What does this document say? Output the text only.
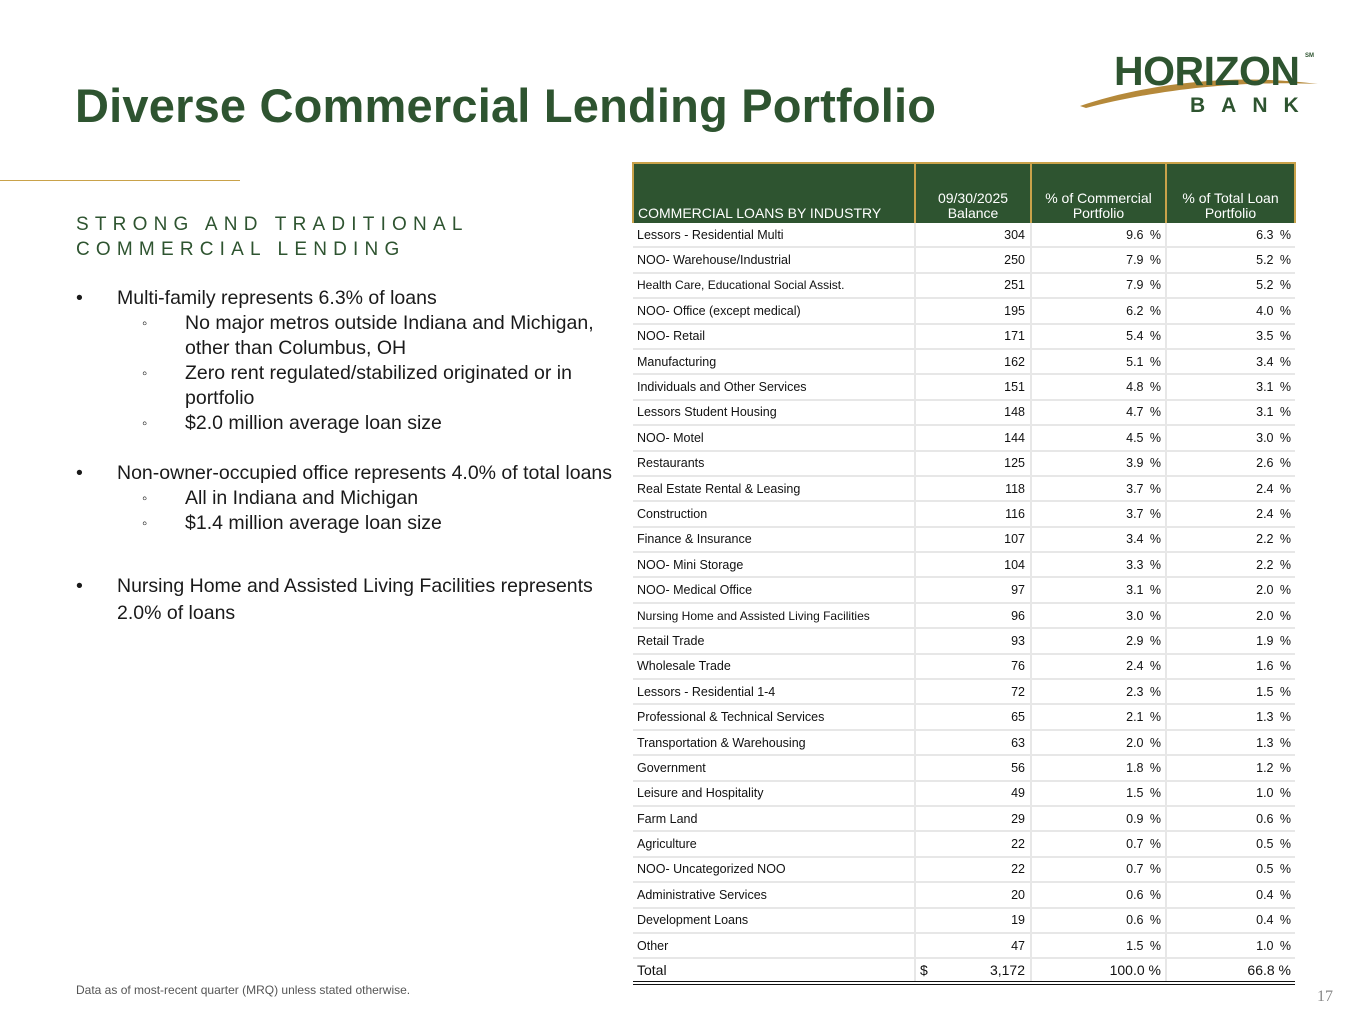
Diverse Commercial Lending Portfolio
HORIZON SM
BANK
STRONG AND TRADITIONAL COMMERCIAL LENDING
• Multi-family represents 6.3% of loans
◦ No major metros outside Indiana and Michigan, other than Columbus, OH
◦ Zero rent regulated/stabilized originated or in portfolio
◦ $2.0 million average loan size
• Non-owner-occupied office represents 4.0% of total loans
◦ All in Indiana and Michigan
◦ $1.4 million average loan size
• Nursing Home and Assisted Living Facilities represents 2.0% of loans
COMMERCIAL LOANS BY INDUSTRY	09/30/2025 Balance	% of Commercial Portfolio	% of Total Loan Portfolio
Lessors - Residential Multi	304	9.6 %	6.3 %
NOO- Warehouse/Industrial	250	7.9 %	5.2 %
Health Care, Educational Social Assist.	251	7.9 %	5.2 %
NOO- Office (except medical)	195	6.2 %	4.0 %
NOO- Retail	171	5.4 %	3.5 %
Manufacturing	162	5.1 %	3.4 %
Individuals and Other Services	151	4.8 %	3.1 %
Lessors Student Housing	148	4.7 %	3.1 %
NOO- Motel	144	4.5 %	3.0 %
Restaurants	125	3.9 %	2.6 %
Real Estate Rental & Leasing	118	3.7 %	2.4 %
Construction	116	3.7 %	2.4 %
Finance & Insurance	107	3.4 %	2.2 %
NOO- Mini Storage	104	3.3 %	2.2 %
NOO- Medical Office	97	3.1 %	2.0 %
Nursing Home and Assisted Living Facilities	96	3.0 %	2.0 %
Retail Trade	93	2.9 %	1.9 %
Wholesale Trade	76	2.4 %	1.6 %
Lessors - Residential 1-4	72	2.3 %	1.5 %
Professional & Technical Services	65	2.1 %	1.3 %
Transportation & Warehousing	63	2.0 %	1.3 %
Government	56	1.8 %	1.2 %
Leisure and Hospitality	49	1.5 %	1.0 %
Farm Land	29	0.9 %	0.6 %
Agriculture	22	0.7 %	0.5 %
NOO- Uncategorized NOO	22	0.7 %	0.5 %
Administrative Services	20	0.6 %	0.4 %
Development Loans	19	0.6 %	0.4 %
Other	47	1.5 %	1.0 %
Total	$ 3,172	100.0 %	66.8 %
Data as of most-recent quarter (MRQ) unless stated otherwise.	17
